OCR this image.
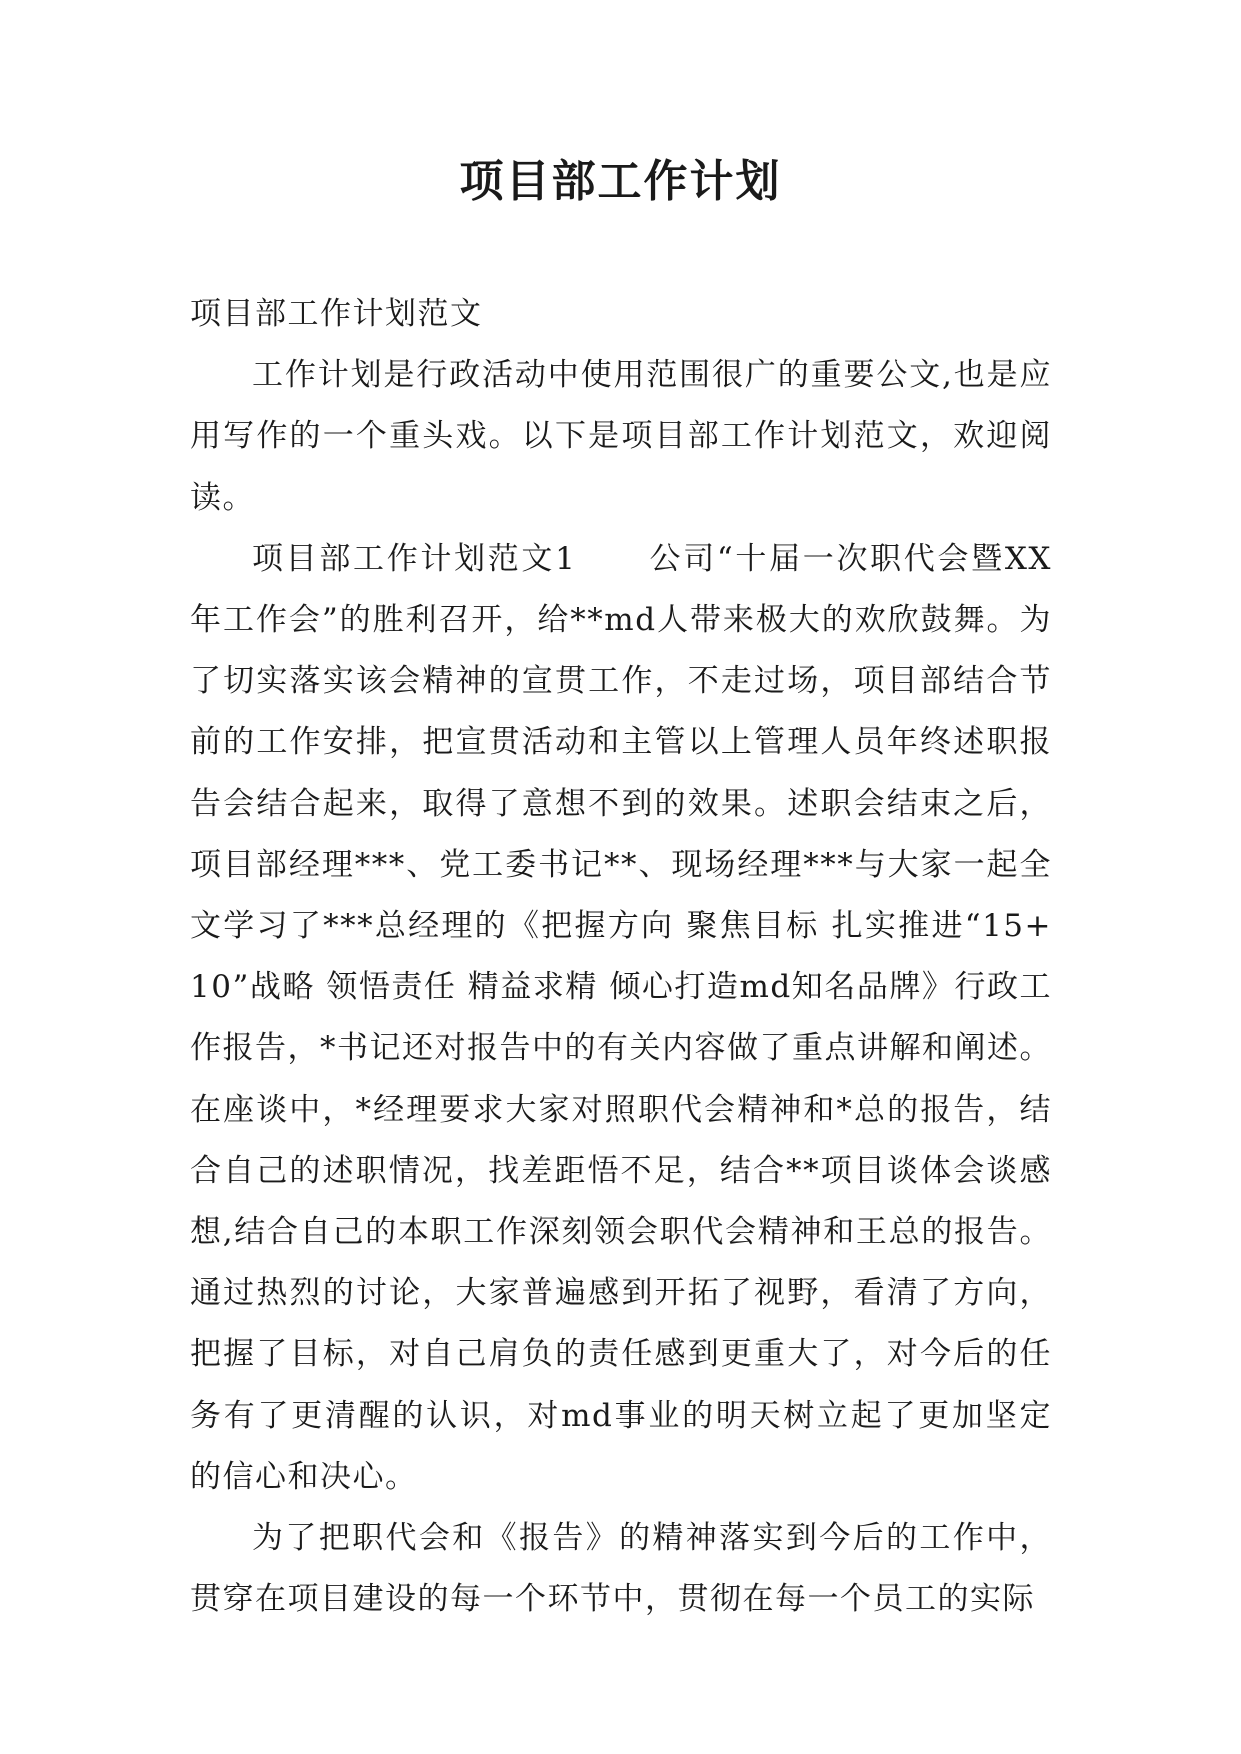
项目部工作计划

项目部工作计划范文

工作计划是行政活动中使用范围很广的重要公文,也是应用写作的一个重头戏。以下是项目部工作计划范文，欢迎阅读。

项目部工作计划范文1 公司“十届一次职代会暨XX年工作会”的胜利召开，给**md人带来极大的欢欣鼓舞。为了切实落实该会精神的宣贯工作，不走过场，项目部结合节前的工作安排，把宣贯活动和主管以上管理人员年终述职报告会结合起来，取得了意想不到的效果。述职会结束之后，项目部经理***、党工委书记**、现场经理***与大家一起全文学习了***总经理的《把握方向 聚焦目标 扎实推进“15+10”战略 领悟责任 精益求精 倾心打造md知名品牌》行政工作报告，*书记还对报告中的有关内容做了重点讲解和阐述。在座谈中，*经理要求大家对照职代会精神和*总的报告，结合自己的述职情况，找差距悟不足，结合**项目谈体会谈感想,结合自己的本职工作深刻领会职代会精神和王总的报告。通过热烈的讨论，大家普遍感到开拓了视野，看清了方向，把握了目标，对自己肩负的责任感到更重大了，对今后的任务有了更清醒的认识，对md事业的明天树立起了更加坚定的信心和决心。

为了把职代会和《报告》的精神落实到今后的工作中，贯穿在项目建设的每一个环节中，贯彻在每一个员工的实际
